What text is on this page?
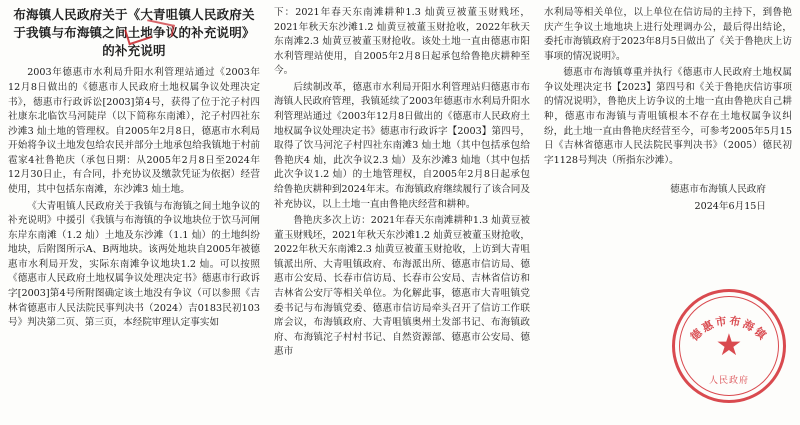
布海镇人民政府关于《大青咀镇人民政府关于我镇与布海镇之间土地争议的补充说明》的补充说明

2003年德惠市水利局升阳水利管理站通过《2003年12月8日做出的《德惠市人民政府土地权属争议处理决定书》，德惠市行政诉讼[2003]第4号，获得了位于沱子村四社康东北临饮马河陡岸（以下简称东南滩），沱子村四社东沙滩3 灿土地的管理权。自2005年2月8日，德惠市水利局开始将争议土地发包给农民并部分土地承包给我镇地于村前雹家4社鲁艳庆（承包日期：从2005年2月8日至2024年12月30日止，有合同，扑充协议及缴款凭证为依据）经营使用，其中包括东南滩，东沙滩3 灿土地。

《大青咀镇人民政府关于我镇与布海镇之间土地争议的补充说明》中援引《我镇与布海镇的争议地块位于饮马河闸东岸东南滩（1.2 灿）土地及东沙滩（1.1 灿）的土地纠纷地块，后附图所示A、B两地块。该两处地块自2005年被德惠市水利局开发，实际东南滩争议地块1.2 灿。可以按照《德惠市人民政府土地权属争议处理决定书》德惠市行政诉字[2003]第4号所附图确定该土地没有争议（可以参照《吉林省德惠市人民法院民事判决书（2024）吉0183民初103号》判决第二页、第三页，本经院审理认定事实如

下：2021年春天东南滩耕种1.3 灿黄豆被董玉财贱坯，2021年秋天东沙滩1.2 灿黄豆被董玉财抢收，2022年秋天东南滩2.3 灿黄豆被董玉财抢收。该处土地一直由德惠市阳水利管理站使用，自2005年2月8日起承包给鲁艳庆耕种至今。

后续制改革，德惠市水利局开阳水利管理站归德惠市布海镇人民政府管理，我镇延续了2003年德惠市水利局升阳水利管理站通过《2003年12月8日做出的《德惠市人民政府土地权属争议处理决定书》德惠市行政诉字【2003】第四号，取得了饮马河沱子村四社东南滩3 灿土地（其中包括承包给鲁艳庆4 灿，此次争议2.3 灿）及东沙滩3 灿地（其中包括此次争议1.2 灿）的土地管理权，自2005年2月8日起承包给鲁艳庆耕种到2024年末。布海镇政府继续履行了该合同及补充协议，以上土地一直由鲁艳庆经营和耕种。

鲁艳庆多次上访：2021年春天东南滩耕种1.3 灿黄豆被董玉财贱坯，2021年秋天东沙滩1.2 灿黄豆被董玉财抢收，2022年秋天东南滩2.3 灿黄豆被董玉财抢收，上访到大青咀镇派出所、大青咀镇政府、布海派出所、德惠市信访局、德惠市公安局、长春市信访局、长春市公安局、吉林省信访和吉林省公安厅等相关单位。为化解此事，德惠市大青咀镇党委书记与布海镇党委、德惠市信访局牵头召开了信访工作联席会议，布海镇政府、大青咀镇奥州土发部书记、布海镇政府、布海镇沱子村村书记、自然资源部、德惠市公安局、德惠市

水利局等相关单位，以上单位在信访局的主持下，到鲁艳庆产生争议土地地块上进行处理调办公，最后得出结论，委托市海镇政府于2023年8月5日做出了《关于鲁艳庆上访事项的情况说明》。

德惠市布海镇尊重并执行《德惠市人民政府土地权属争议处理决定书【2023】第四号和《关于鲁艳庆信访事项的情况说明》，鲁艳庆上访争议的土地一直由鲁艳庆自己耕种，德惠市布海镇与青咀镇根本不存在土地权属争议纠纷，此土地一直由鲁艳庆经营至今，可参考2005年5月15日《吉林省德惠市人民法院民事判决书》（2005）德民初字1128号判决（所指东沙滩）。

德惠市布海镇人民政府
2024年6月15日
德惠市布海镇
★
人民政府
